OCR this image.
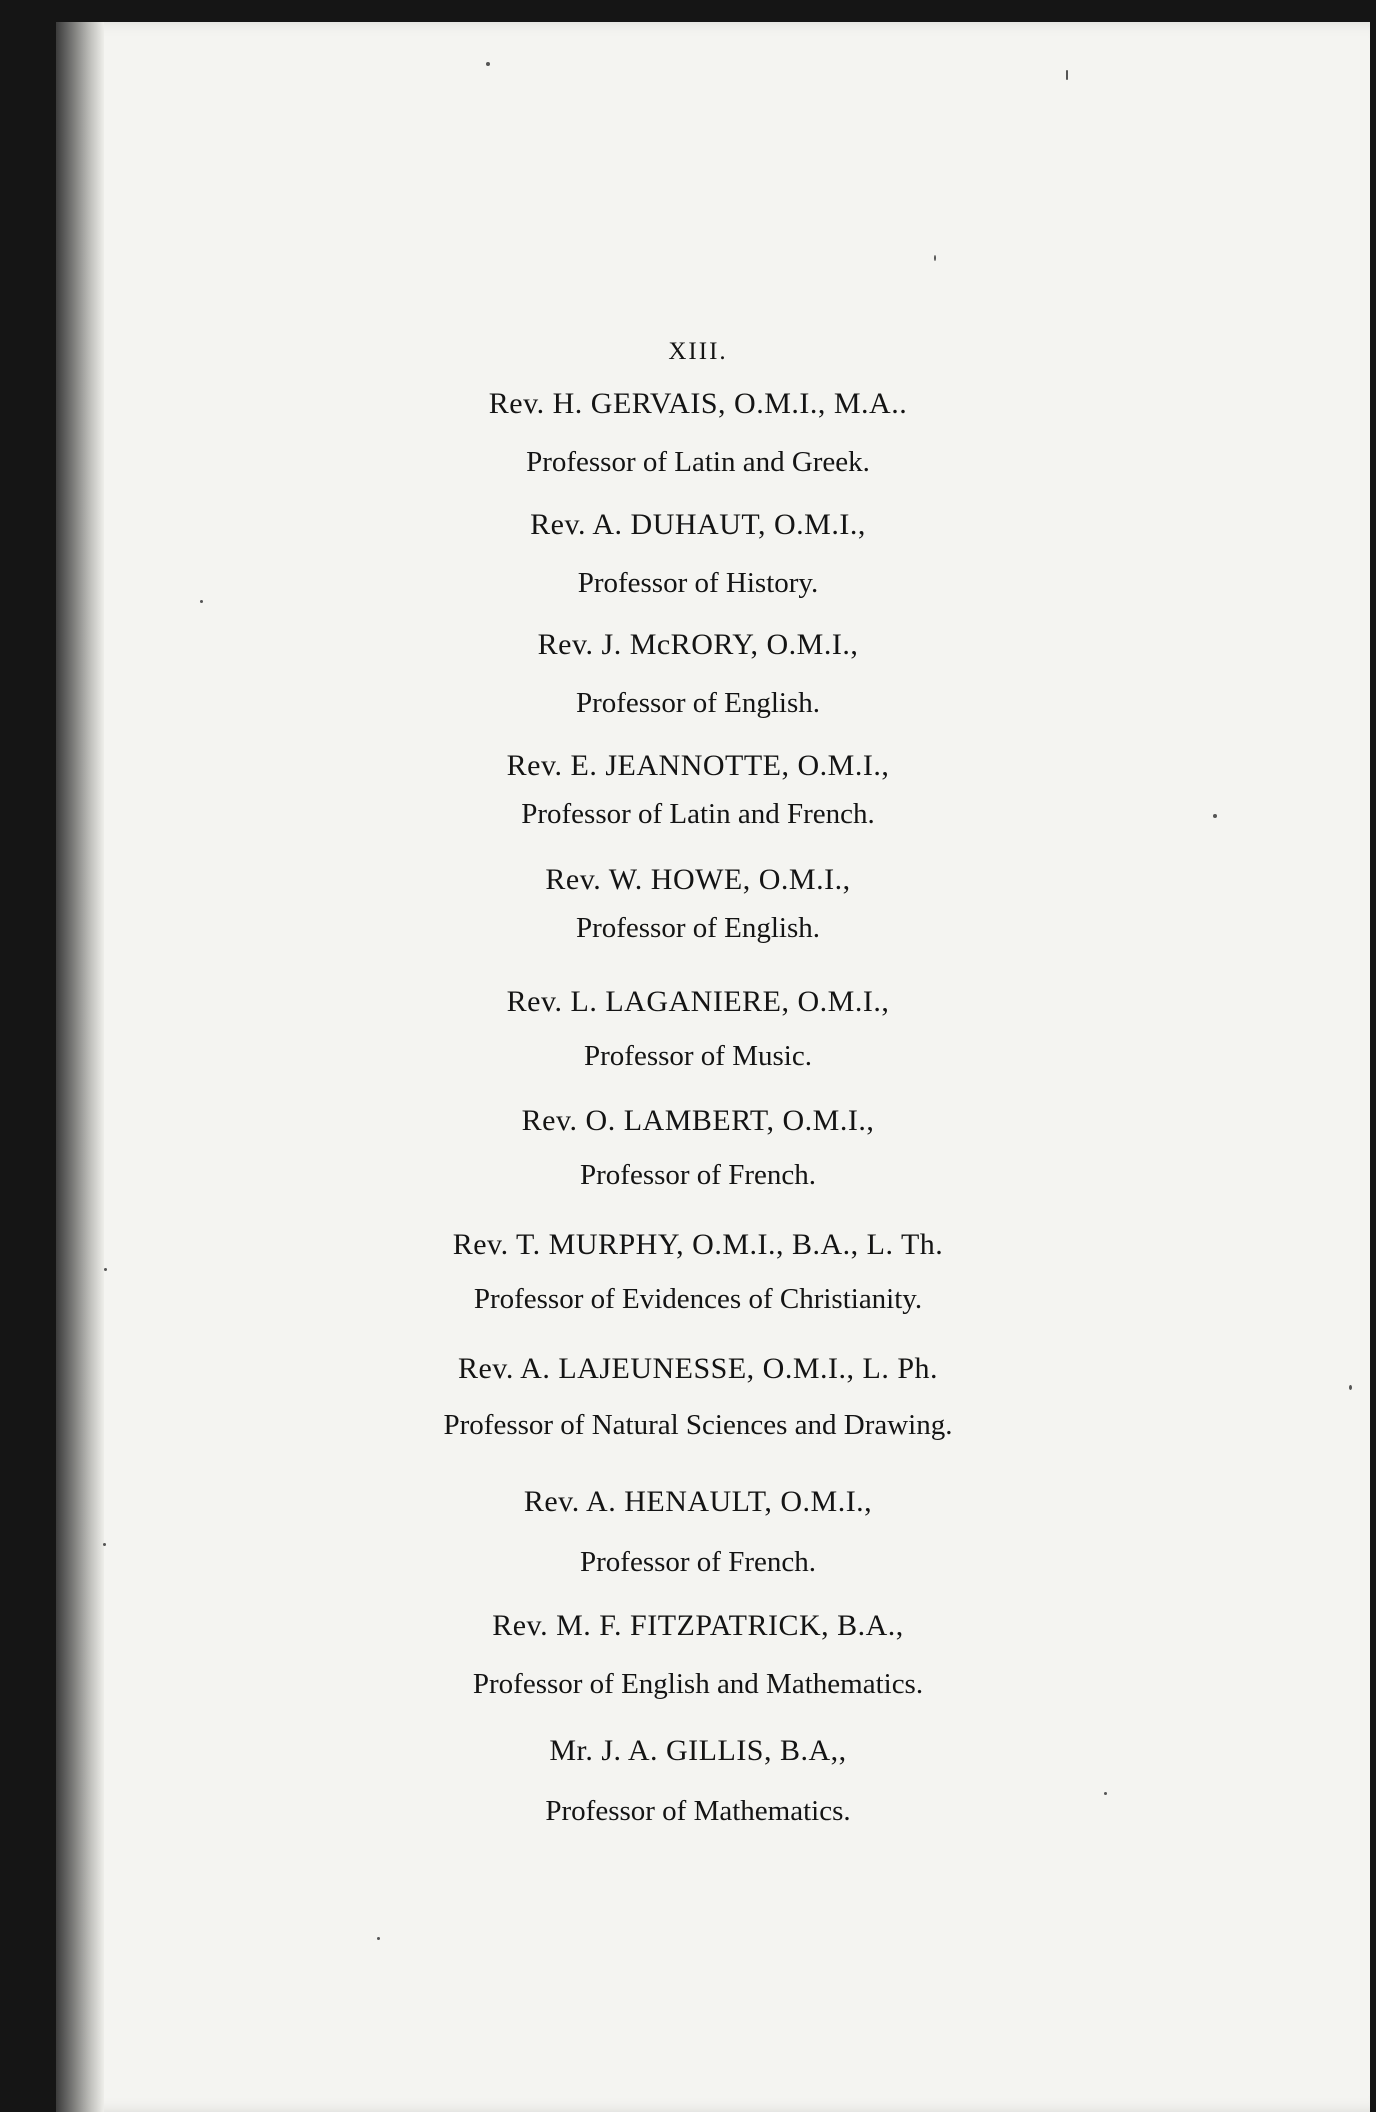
XIII.
Rev. H. GERVAIS, O.M.I., M.A..
Professor of Latin and Greek.
Rev. A. DUHAUT, O.M.I.,
Professor of History.
Rev. J. McRORY, O.M.I.,
Professor of English.
Rev. E. JEANNOTTE, O.M.I.,
Professor of Latin and French.
Rev. W. HOWE, O.M.I.,
Professor of English.
Rev. L. LAGANIERE, O.M.I.,
Professor of Music.
Rev. O. LAMBERT, O.M.I.,
Professor of French.
Rev. T. MURPHY, O.M.I., B.A., L. Th.
Professor of Evidences of Christianity.
Rev. A. LAJEUNESSE, O.M.I., L. Ph.
Professor of Natural Sciences and Drawing.
Rev. A. HENAULT, O.M.I.,
Professor of French.
Rev. M. F. FITZPATRICK, B.A.,
Professor of English and Mathematics.
Mr. J. A. GILLIS, B.A,,
Professor of Mathematics.
